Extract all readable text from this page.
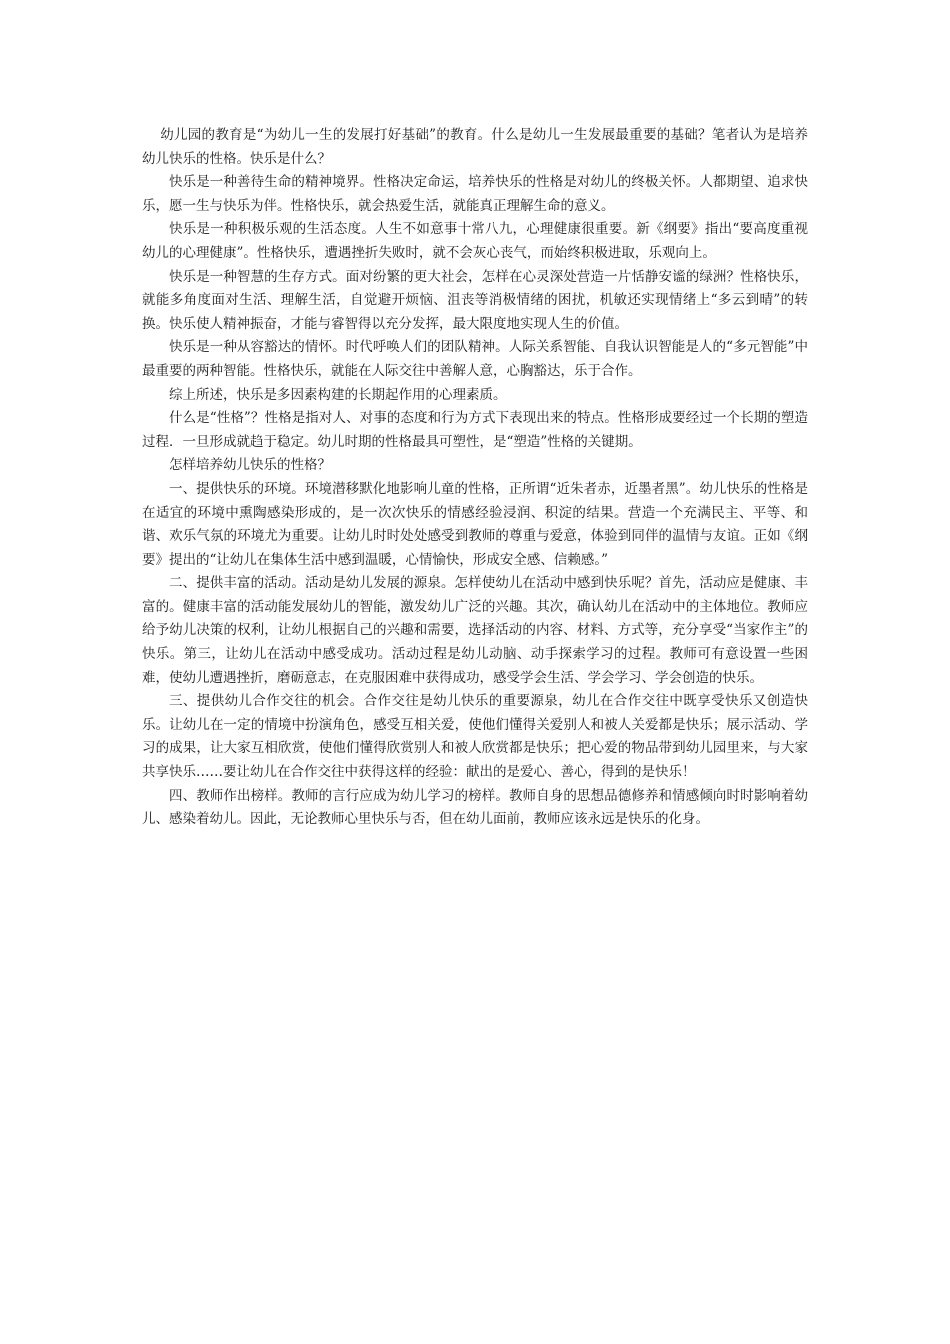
幼儿园的教育是“为幼儿一生的发展打好基础”的教育。什么是幼儿一生发展最重要的基础？笔者认为是培养幼儿快乐的性格。快乐是什么？

快乐是一种善待生命的精神境界。性格决定命运，培养快乐的性格是对幼儿的终极关怀。人都期望、追求快乐，愿一生与快乐为伴。性格快乐，就会热爱生活，就能真正理解生命的意义。

快乐是一种积极乐观的生活态度。人生不如意事十常八九，心理健康很重要。新《纲要》指出“要高度重视幼儿的心理健康”。性格快乐，遭遇挫折失败时，就不会灰心丧气，而始终积极进取，乐观向上。

快乐是一种智慧的生存方式。面对纷繁的更大社会，怎样在心灵深处营造一片恬静安谧的绿洲？性格快乐，就能多角度面对生活、理解生活，自觉避开烦恼、沮丧等消极情绪的困扰，机敏还实现情绪上“多云到晴”的转换。快乐使人精神振奋，才能与睿智得以充分发挥，最大限度地实现人生的价值。

快乐是一种从容豁达的情怀。时代呼唤人们的团队精神。人际关系智能、自我认识智能是人的“多元智能”中最重要的两种智能。性格快乐，就能在人际交往中善解人意，心胸豁达，乐于合作。

综上所述，快乐是多因素构建的长期起作用的心理素质。

什么是“性格”？性格是指对人、对事的态度和行为方式下表现出来的特点。性格形成要经过一个长期的塑造过程．一旦形成就趋于稳定。幼儿时期的性格最具可塑性，是“塑造”性格的关键期。

怎样培养幼儿快乐的性格？

一、提供快乐的环境。环境潜移默化地影响儿童的性格，正所谓“近朱者赤，近墨者黑”。幼儿快乐的性格是在适宜的环境中熏陶感染形成的，是一次次快乐的情感经验浸润、积淀的结果。营造一个充满民主、平等、和谐、欢乐气氛的环境尤为重要。让幼儿时时处处感受到教师的尊重与爱意，体验到同伴的温情与友谊。正如《纲要》提出的“让幼儿在集体生活中感到温暖，心情愉快，形成安全感、信赖感。”

二、提供丰富的活动。活动是幼儿发展的源泉。怎样使幼儿在活动中感到快乐呢？首先，活动应是健康、丰富的。健康丰富的活动能发展幼儿的智能，激发幼儿广泛的兴趣。其次，确认幼儿在活动中的主体地位。教师应给予幼儿决策的权利，让幼儿根据自己的兴趣和需要，选择活动的内容、材料、方式等，充分享受“当家作主”的快乐。第三，让幼儿在活动中感受成功。活动过程是幼儿动脑、动手探索学习的过程。教师可有意设置一些困难，使幼儿遭遇挫折，磨砺意志，在克服困难中获得成功，感受学会生活、学会学习、学会创造的快乐。

三、提供幼儿合作交往的机会。合作交往是幼儿快乐的重要源泉，幼儿在合作交往中既享受快乐又创造快乐。让幼儿在一定的情境中扮演角色，感受互相关爱，使他们懂得关爱别人和被人关爱都是快乐；展示活动、学习的成果，让大家互相欣赏，使他们懂得欣赏别人和被人欣赏都是快乐；把心爱的物品带到幼儿园里来，与大家共享快乐……要让幼儿在合作交往中获得这样的经验：献出的是爱心、善心，得到的是快乐！

四、教师作出榜样。教师的言行应成为幼儿学习的榜样。教师自身的思想品德修养和情感倾向时时影响着幼儿、感染着幼儿。因此，无论教师心里快乐与否，但在幼儿面前，教师应该永远是快乐的化身。
